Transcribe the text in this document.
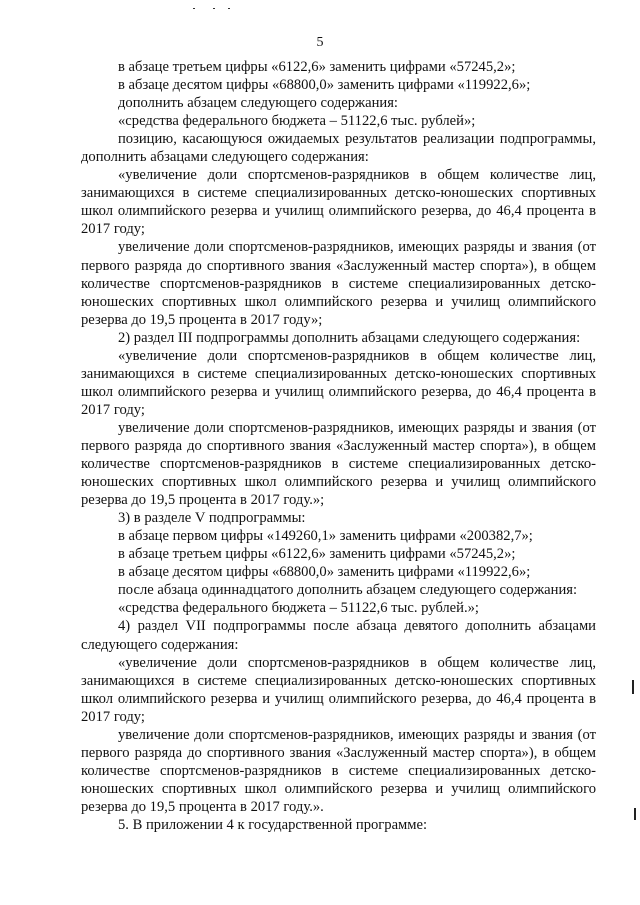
5

в абзаце третьем цифры «6122,6» заменить цифрами «57245,2»;

в абзаце десятом цифры «68800,0» заменить цифрами «119922,6»;

дополнить абзацем следующего содержания:

«средства федерального бюджета – 51122,6 тыс. рублей»;

позицию, касающуюся ожидаемых результатов реализации подпрограммы, дополнить абзацами следующего содержания:

«увеличение доли спортсменов-разрядников в общем количестве лиц, занимающихся в системе специализированных детско-юношеских спортивных школ олимпийского резерва и училищ олимпийского резерва, до 46,4 процента в 2017 году;

увеличение доли спортсменов-разрядников, имеющих разряды и звания (от первого разряда до спортивного звания «Заслуженный мастер спорта»), в общем количестве спортсменов-разрядников в системе специализированных детско-юношеских спортивных школ олимпийского резерва и училищ олимпийского резерва до 19,5 процента в 2017 году»;

2) раздел III подпрограммы дополнить абзацами следующего содержания:

«увеличение доли спортсменов-разрядников в общем количестве лиц, занимающихся в системе специализированных детско-юношеских спортивных школ олимпийского резерва и училищ олимпийского резерва, до 46,4 процента в 2017 году;

увеличение доли спортсменов-разрядников, имеющих разряды и звания (от первого разряда до спортивного звания «Заслуженный мастер спорта»), в общем количестве спортсменов-разрядников в системе специализированных детско-юношеских спортивных школ олимпийского резерва и училищ олимпийского резерва до 19,5 процента в 2017 году.»;

3) в разделе V подпрограммы:

в абзаце первом цифры «149260,1» заменить цифрами «200382,7»;

в абзаце третьем цифры «6122,6» заменить цифрами «57245,2»;

в абзаце десятом цифры «68800,0» заменить цифрами «119922,6»;

после абзаца одиннадцатого дополнить абзацем следующего содержания:

«средства федерального бюджета – 51122,6 тыс. рублей.»;

4) раздел VII подпрограммы после абзаца девятого дополнить абзацами следующего содержания:

«увеличение доли спортсменов-разрядников в общем количестве лиц, занимающихся в системе специализированных детско-юношеских спортивных школ олимпийского резерва и училищ олимпийского резерва, до 46,4 процента в 2017 году;

увеличение доли спортсменов-разрядников, имеющих разряды и звания (от первого разряда до спортивного звания «Заслуженный мастер спорта»), в общем количестве спортсменов-разрядников в системе специализированных детско-юношеских спортивных школ олимпийского резерва и училищ олимпийского резерва до 19,5 процента в 2017 году.».

5. В приложении 4 к государственной программе:
